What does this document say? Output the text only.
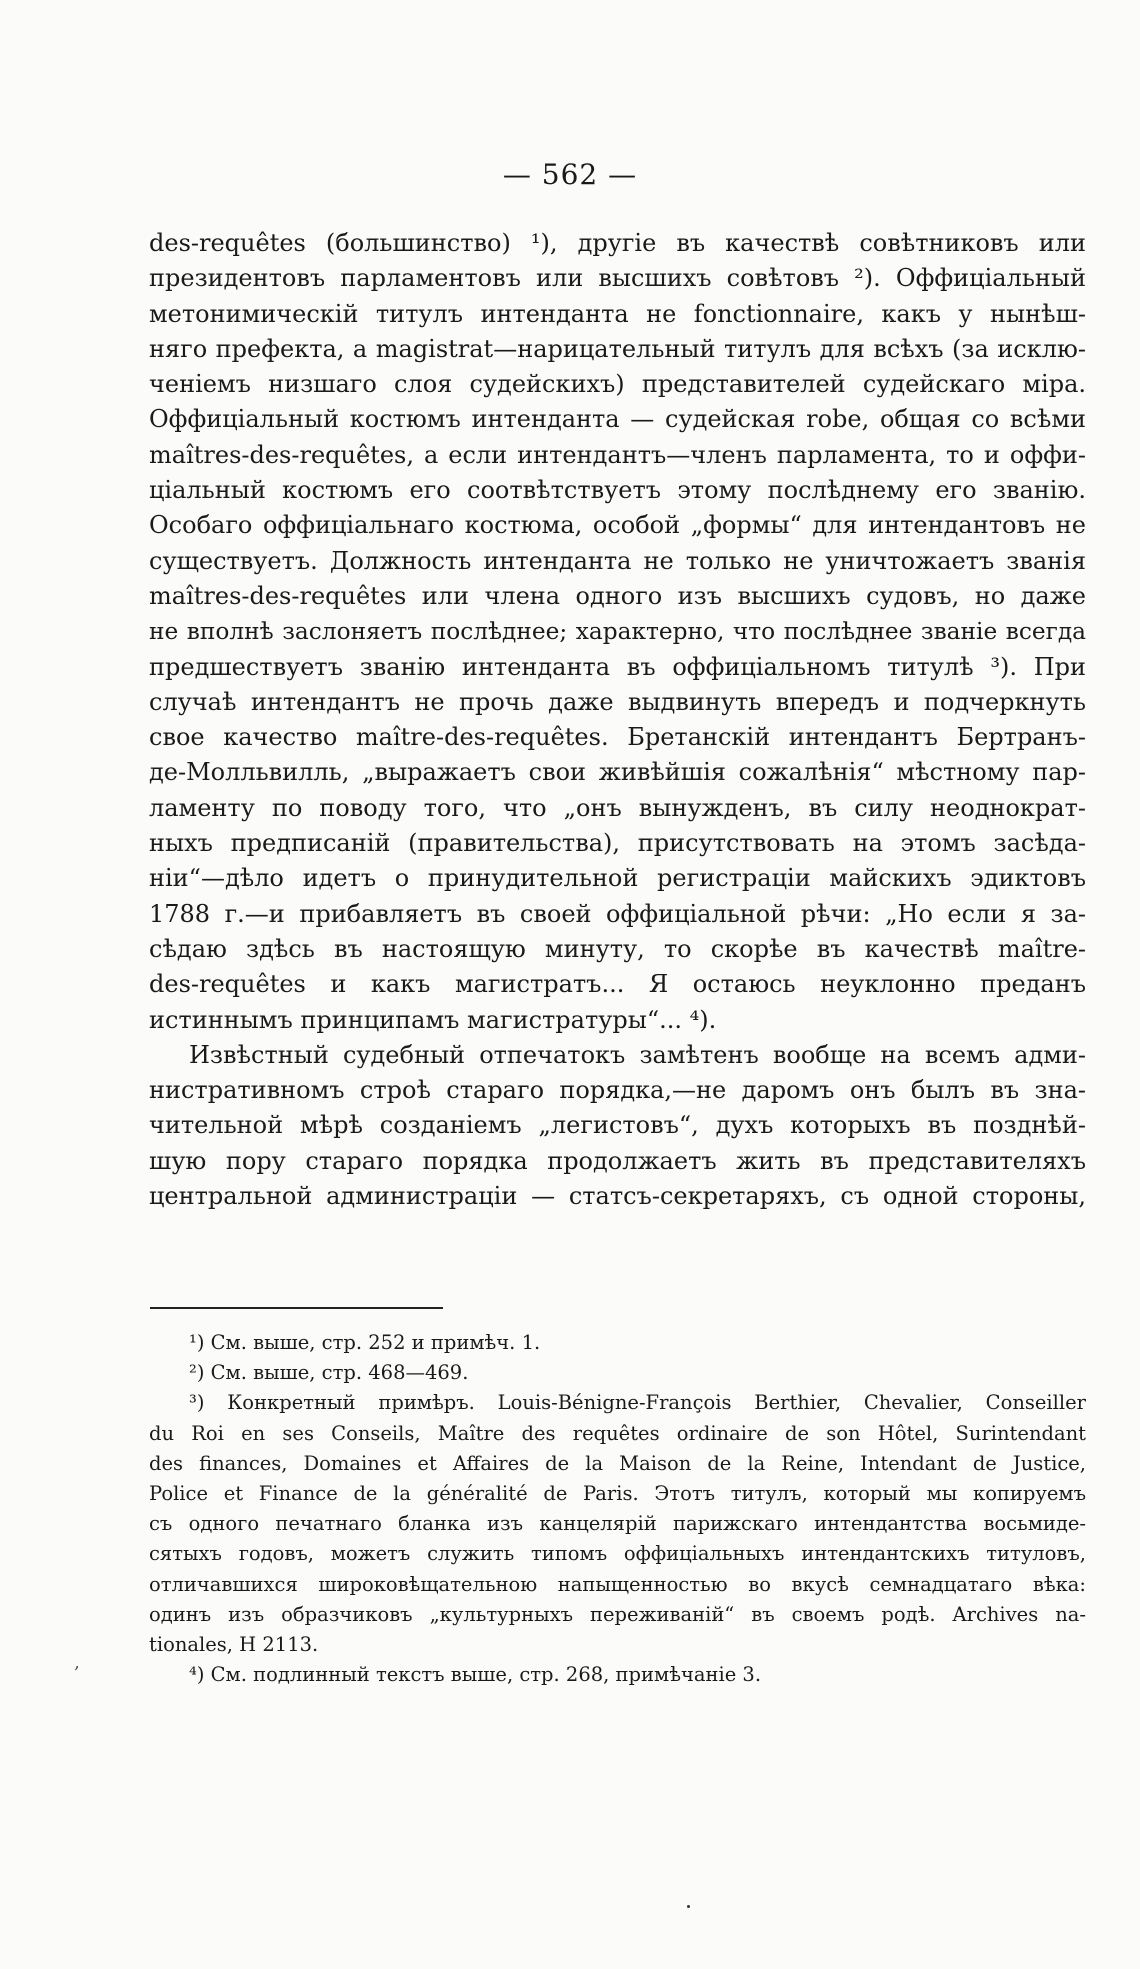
— 562 —
des-requêtes (большинство) ¹), другіе въ качествѣ совѣтниковъ или
президентовъ парламентовъ или высшихъ совѣтовъ ²). Оффиціальный
метонимическій титулъ интенданта не fonctionnaire, какъ у нынѣш-
няго префекта, а magistrat—нарицательный титулъ для всѣхъ (за исклю-
ченіемъ низшаго слоя судейскихъ) представителей судейскаго міра.
Оффиціальный костюмъ интенданта — судейская robe, общая со всѣми
maîtres-des-requêtes, а если интендантъ—членъ парламента, то и оффи-
ціальный костюмъ его соотвѣтствуетъ этому послѣднему его званію.
Особаго оффиціальнаго костюма, особой „формы“ для интендантовъ не
существуетъ. Должность интенданта не только не уничтожаетъ званія
maîtres-des-requêtes или члена одного изъ высшихъ судовъ, но даже
не вполнѣ заслоняетъ послѣднее; характерно, что послѣднее званіе всегда
предшествуетъ званію интенданта въ оффиціальномъ титулѣ ³). При
случаѣ интендантъ не прочь даже выдвинуть впередъ и подчеркнуть
свое качество maître-des-requêtes. Бретанскій интендантъ Бертранъ-
де-Молльвилль, „выражаетъ свои живѣйшія сожалѣнія“ мѣстному пар-
ламенту по поводу того, что „онъ вынужденъ, въ силу неоднократ-
ныхъ предписаній (правительства), присутствовать на этомъ засѣда-
ніи“—дѣло идетъ о принудительной регистраціи майскихъ эдиктовъ
1788 г.—и прибавляетъ въ своей оффиціальной рѣчи: „Но если я за-
сѣдаю здѣсь въ настоящую минуту, то скорѣе въ качествѣ maître-
des-requêtes и какъ магистратъ... Я остаюсь неуклонно преданъ
истиннымъ принципамъ магистратуры“... ⁴).
Извѣстный судебный отпечатокъ замѣтенъ вообще на всемъ адми-
нистративномъ строѣ стараго порядка,—не даромъ онъ былъ въ зна-
чительной мѣрѣ созданіемъ „легистовъ“, духъ которыхъ въ позднѣй-
шую пору стараго порядка продолжаетъ жить въ представителяхъ
центральной администраціи — статсъ-секретаряхъ, съ одной стороны,
¹) См. выше, стр. 252 и примѣч. 1.
²) См. выше, стр. 468—469.
³) Конкретный примѣръ. Louis-Bénigne-François Berthier, Chevalier, Conseiller
du Roi en ses Conseils, Maître des requêtes ordinaire de son Hôtel, Surintendant
des finances, Domaines et Affaires de la Maison de la Reine, Intendant de Justice,
Police et Finance de la généralité de Paris. Этотъ титулъ, который мы копируемъ
съ одного печатнаго бланка изъ канцелярій парижскаго интендантства восьмиде-
сятыхъ годовъ, можетъ служить типомъ оффиціальныхъ интендантскихъ титуловъ,
отличавшихся широковѣщательною напыщенностью во вкусѣ семнадцатаго вѣка:
одинъ изъ образчиковъ „культурныхъ переживаній“ въ своемъ родѣ. Archives na-
tionales, H 2113.
⁴) См. подлинный текстъ выше, стр. 268, примѣчаніе 3.
‚
